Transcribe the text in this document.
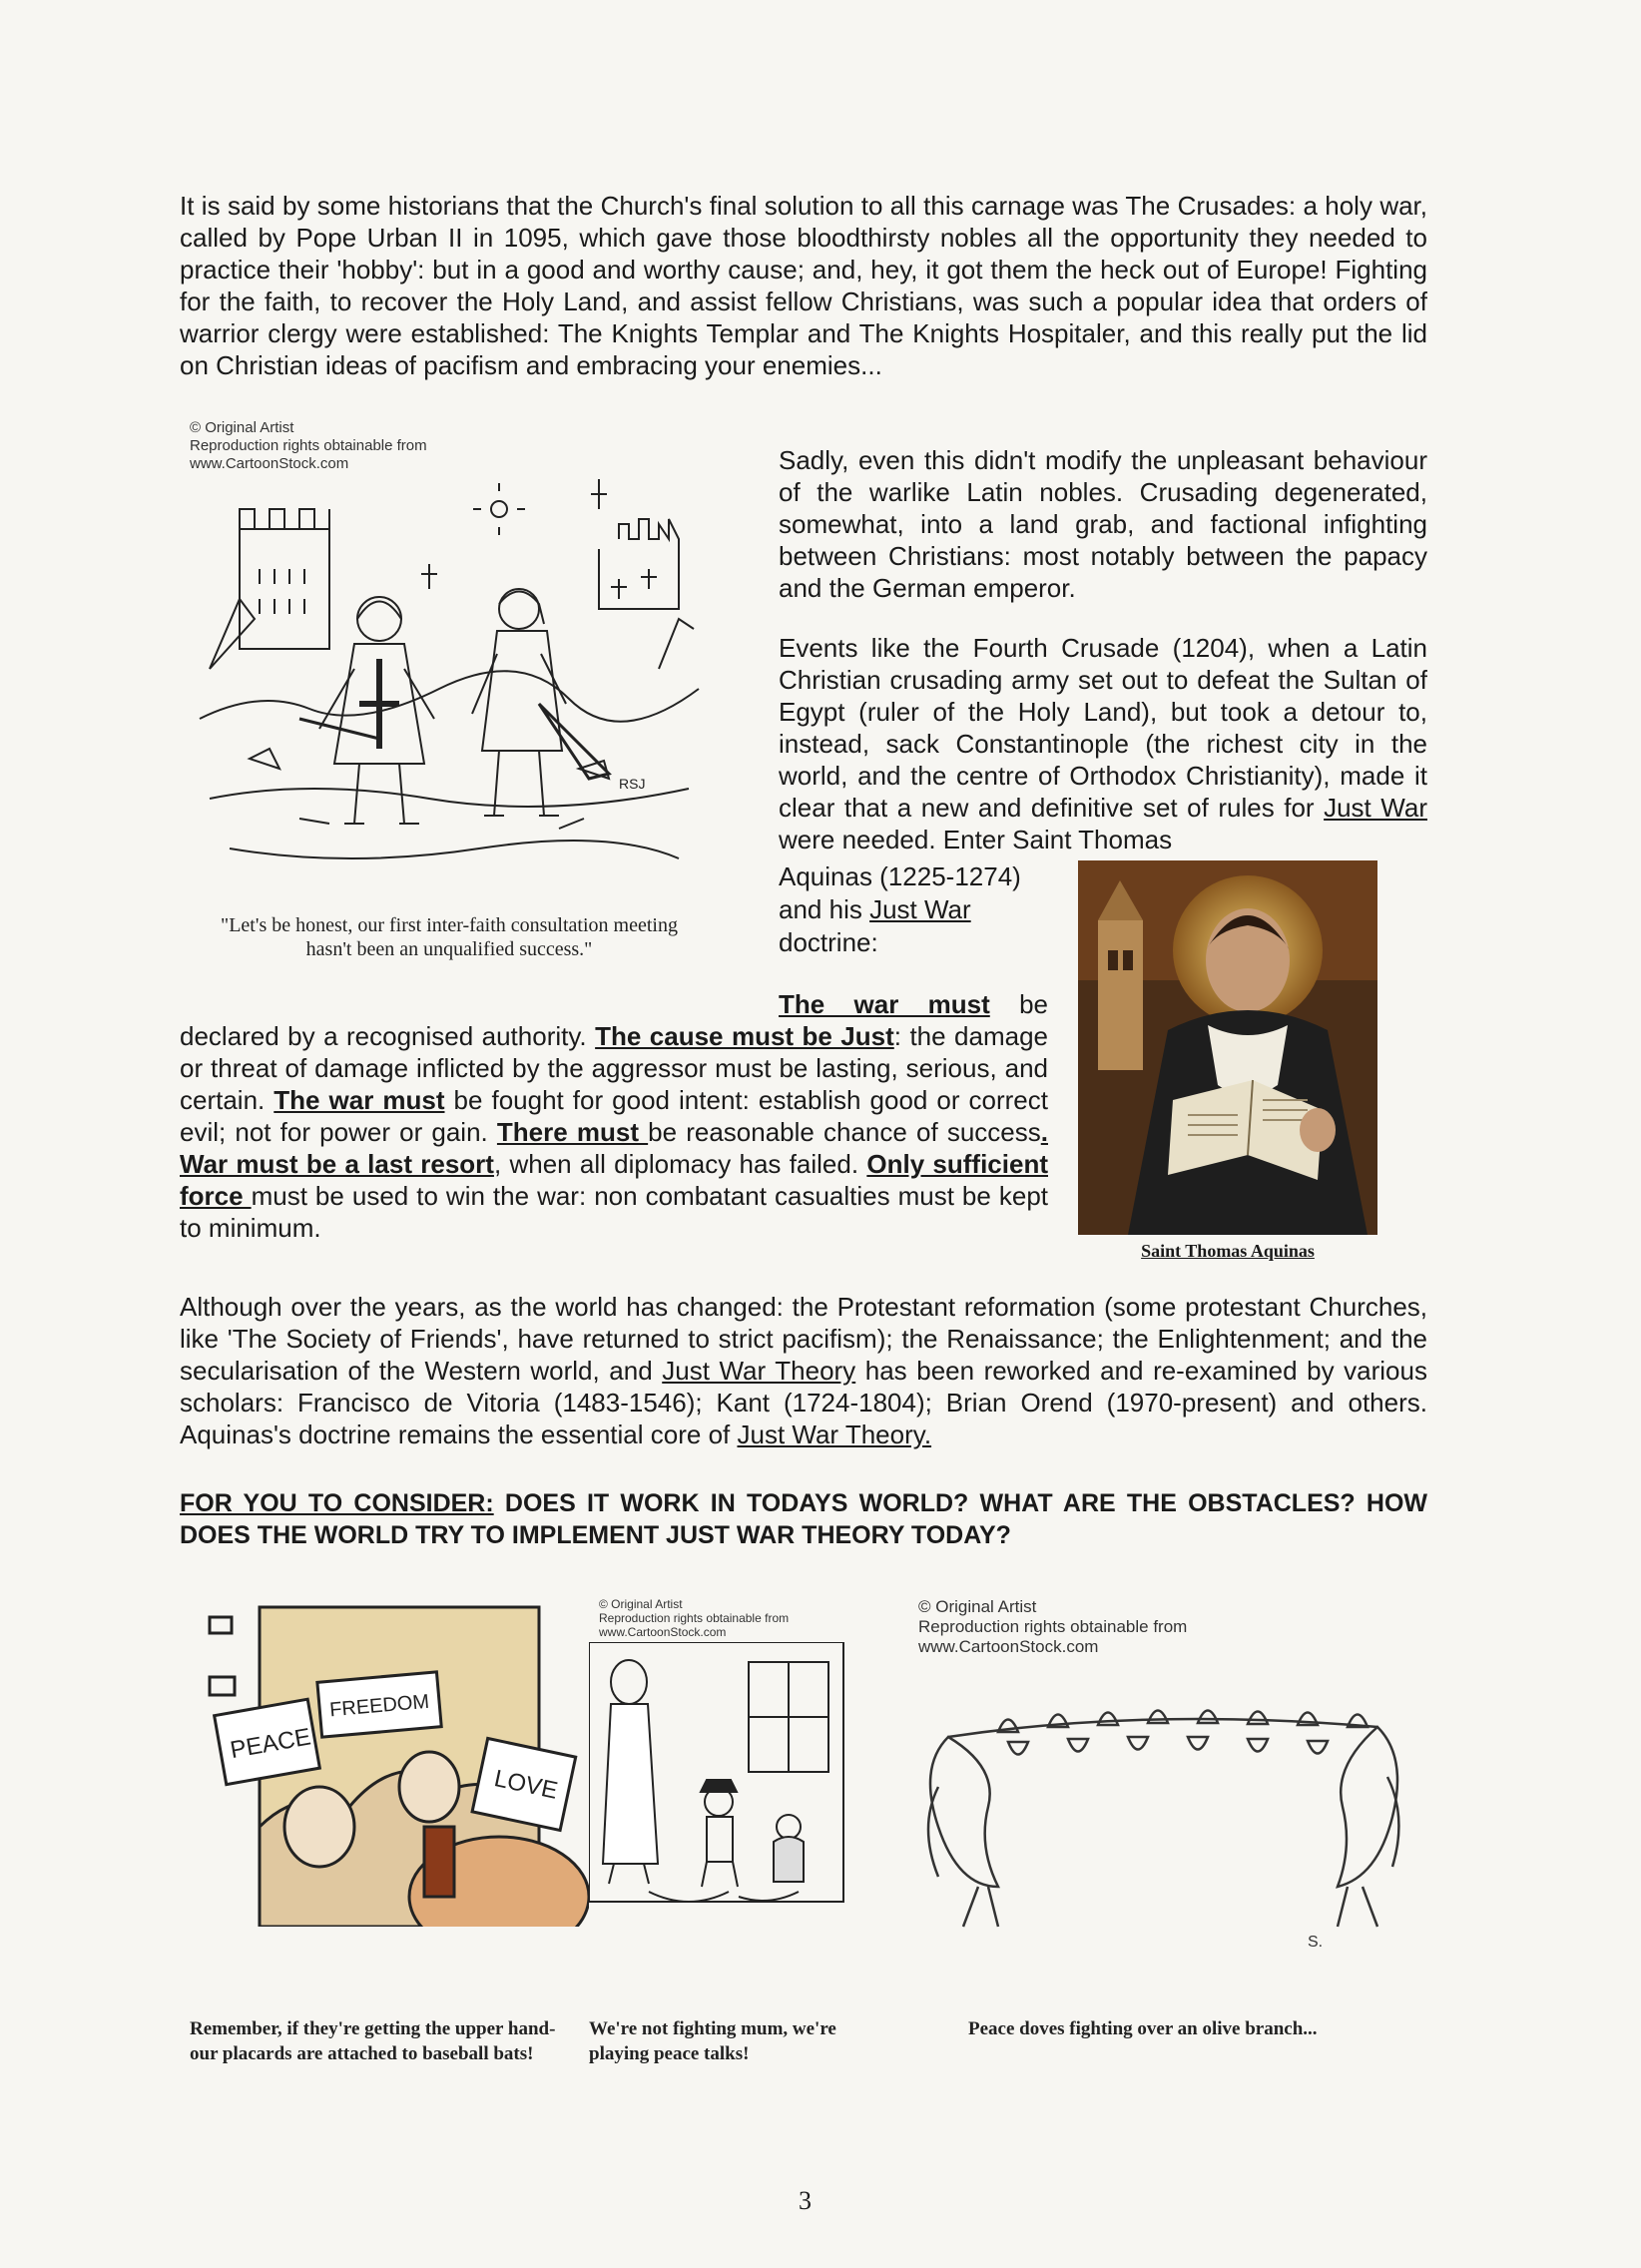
It is said by some historians that the Church's final solution to all this carnage was The Crusades: a holy war, called by Pope Urban II in 1095, which gave those bloodthirsty nobles all the opportunity they needed to practice their 'hobby': but in a good and worthy cause; and, hey, it got them the heck out of Europe! Fighting for the faith, to recover the Holy Land, and assist fellow Christians, was such a popular idea that orders of warrior clergy were established: The Knights Templar and The Knights Hospitaler, and this really put the lid on Christian ideas of pacifism and embracing your enemies...
© Original Artist
Reproduction rights obtainable from
www.CartoonStock.com
RSJ
"Let's be honest, our first inter-faith consultation meeting hasn't been an unqualified success."

Sadly, even this didn't modify the unpleasant behaviour of the warlike Latin nobles. Crusading degenerated, somewhat, into a land grab, and factional infighting between Christians: most notably between the papacy and the German emperor.

Events like the Fourth Crusade (1204), when a Latin Christian crusading army set out to defeat the Sultan of Egypt (ruler of the Holy Land), but took a detour to, instead, sack Constantinople (the richest city in the world, and the centre of Orthodox Christianity), made it clear that a new and definitive set of rules for Just War were needed. Enter Saint Thomas

Aquinas (1225-1274) and his Just War doctrine:
Saint Thomas Aquinas
The war must be declared by a recognised authority. The cause must be Just: the damage or threat of damage inflicted by the aggressor must be lasting, serious, and certain. The war must be fought for good intent: establish good or correct evil; not for power or gain. There must be reasonable chance of success. War must be a last resort, when all diplomacy has failed. Only sufficient force must be used to win the war: non combatant casualties must be kept to minimum.
Although over the years, as the world has changed: the Protestant reformation (some protestant Churches, like 'The Society of Friends', have returned to strict pacifism); the Renaissance; the Enlightenment; and the secularisation of the Western world, and Just War Theory has been reworked and re-examined by various scholars: Francisco de Vitoria (1483-1546); Kant (1724-1804); Brian Orend (1970-present) and others. Aquinas's doctrine remains the essential core of Just War Theory.
FOR YOU TO CONSIDER: DOES IT WORK IN TODAYS WORLD? WHAT ARE THE OBSTACLES? HOW DOES THE WORLD TRY TO IMPLEMENT JUST WAR THEORY TODAY?
PEACE
FREEDOM
LOVE
Remember, if they're getting the upper hand- our placards are attached to baseball bats!
© Original Artist
Reproduction rights obtainable from
www.CartoonStock.com
We're not fighting mum, we're playing peace talks!
© Original Artist
Reproduction rights obtainable from
www.CartoonStock.com
S.
Peace doves fighting over an olive branch...
3
